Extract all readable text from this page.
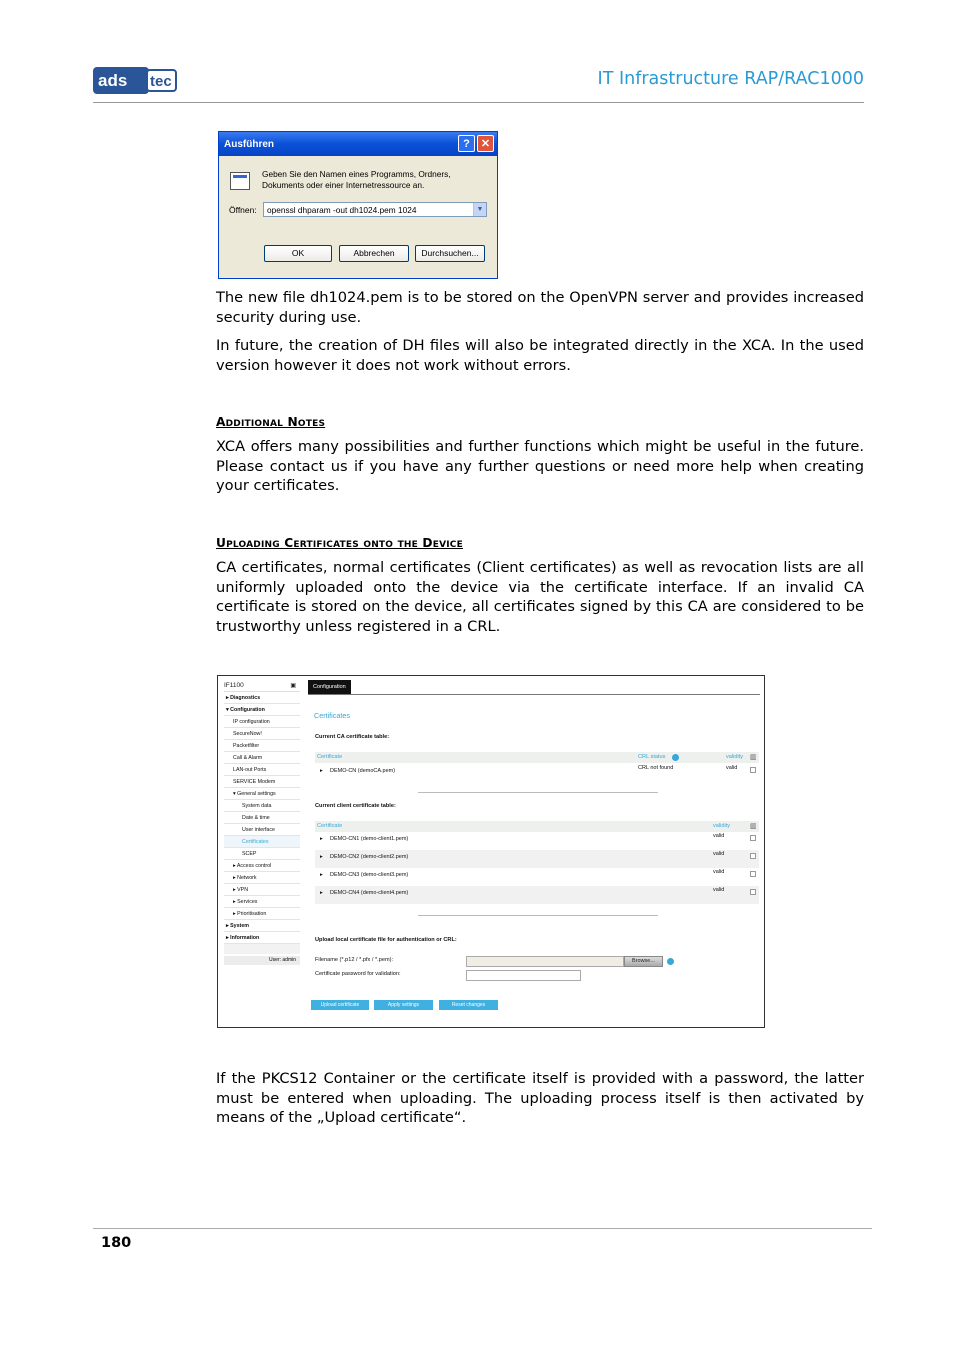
ads tec	IT Infrastructure RAP/RAC1000
Ausführen	?	✕
Geben Sie den Namen eines Programms, Ordners, Dokuments oder einer Internetressource an.
Öffnen:	openssl dhparam -out dh1024.pem 1024	▼
OK	Abbrechen	Durchsuchen...
The new file dh1024.pem is to be stored on the OpenVPN server and provides increased security during use.
In future, the creation of DH files will also be integrated directly in the XCA. In the used version however it does not work without errors.
Additional Notes
XCA offers many possibilities and further functions which might be useful in the future. Please contact us if you have any further questions or need more help when creating your certificates.
Uploading Certificates onto the Device
CA certificates, normal certificates (Client certificates) as well as revocation lists are all uniformly uploaded onto the device via the certificate interface. If an invalid CA certificate is stored on the device, all certificates signed by this CA are considered to be trustworthy unless registered in a CRL.
IF1100	▣
▸ Diagnostics
▾ Configuration
IP configuration
SecureNow!
Packetfilter
Call & Alarm
LAN-out Ports
SERVICE Modem
▾ General settings
System data
Date & time
User interface
Certificates
SCEP
▸ Access control
▸ Network
▸ VPN
▸ Services
▸ Prioritisation
▸ System
▸ Information
User: admin
Configuration
Certificates
Current CA certificate table:
Certificate	CRL status	validity ▥
▸ DEMO-CN (demoCA.pem)	CRL not found	valid
Current client certificate table:
Certificate	validity	▥
▸ DEMO-CN1 (demo-client1.pem)	valid
▸ DEMO-CN2 (demo-client2.pem)	valid
▸ DEMO-CN3 (demo-client3.pem)	valid
▸ DEMO-CN4 (demo-client4.pem)	valid
Upload local certificate file for authentication or CRL:
Filename (*.p12 / *.pfx / *.pem):	Browse...
Certificate password for validation:
Upload certificate	Apply settings	Reset changes
If the PKCS12 Container or the certificate itself is provided with a password, the latter must be entered when uploading. The uploading process itself is then activated by means of the „Upload certificate“.
180
